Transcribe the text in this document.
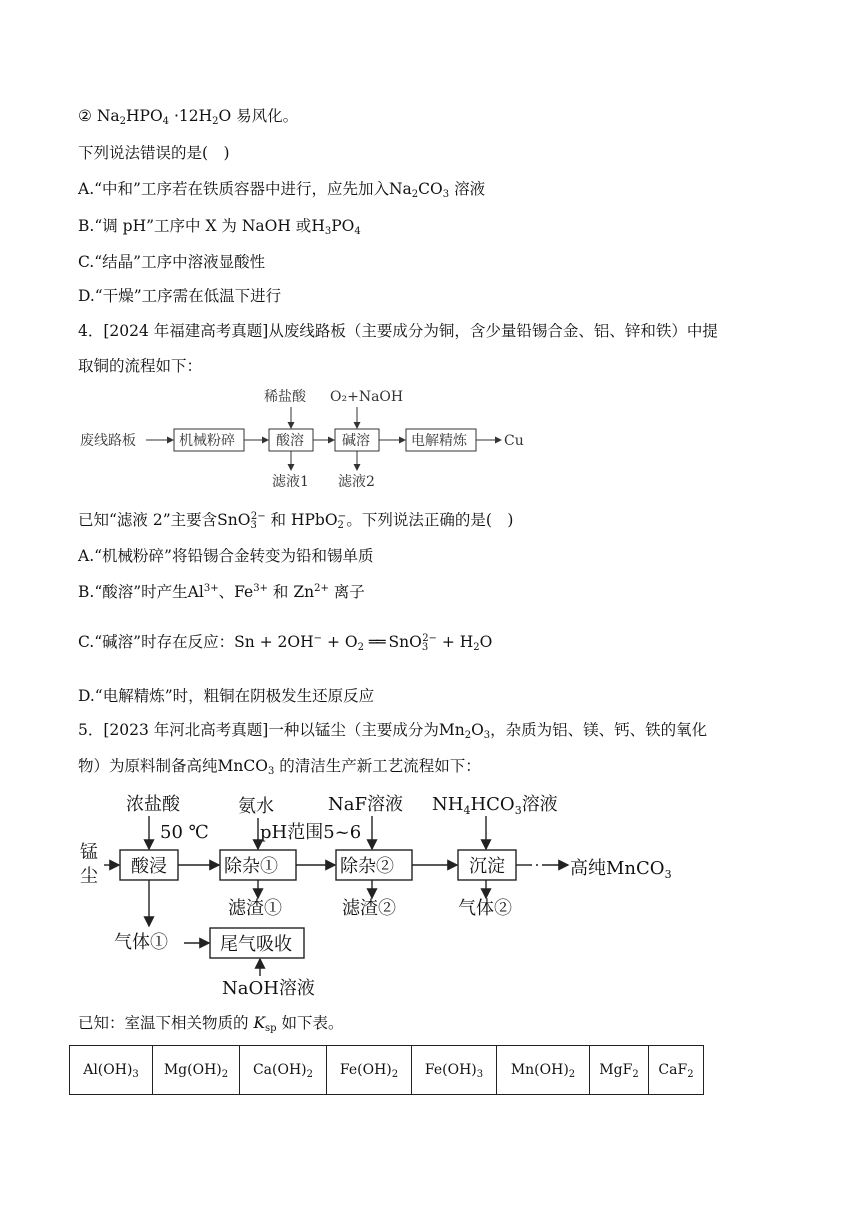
② $Na_2HPO_4 \cdot 12H_2O$ 易风化。
下列说法错误的是(　)
A.“中和”工序若在铁质容器中进行，应先加入$Na_2CO_3$ 溶液
B.“调 pH”工序中 X 为 NaOH 或$H_3PO_4$
C.“结晶”工序中溶液显酸性
D.“干燥”工序需在低温下进行
4．[2024 年福建高考真题]从废线路板（主要成分为铜，含少量铅锡合金、铝、锌和铁）中提
取铜的流程如下：
废线路板
稀盐酸 O₂+NaOH
滤液1 滤液2
Cu
机械粉碎	酸溶	碱溶	电解精炼
已知“滤液 2”主要含SnO$_3^{2-}$ 和 HPbO$_2$−。下列说法正确的是(　)
A.“机械粉碎”将铅锡合金转变为铅和锡单质
B.“酸溶”时产生$Al^{3+}$、$Fe^{3+}$ 和 $Zn^{2+}$ 离子
C.“碱溶”时存在反应：$Sn + 2OH^- + O_2$ ══ $SnO_3^{2-} + H_2O$
D.“电解精炼”时，粗铜在阴极发生还原反应
5．[2023 年河北高考真题]一种以锰尘（主要成分为$Mn_2O_3$，杂质为铝、镁、钙、铁的氧化
物）为原料制备高纯MnCO$_3$ 的清洁生产新工艺流程如下：
浓盐酸
50 ℃
氨水
pH范围5~6
NaF溶液 $NH_4HCO_3$溶液
锰
尘	高纯MnCO$_3$
气体①
滤渣①	滤渣②	气体②
NaOH溶液
酸浸	除杂①	除杂②	沉淀
尾气吸收
已知：室温下相关物质的 $K_{sp}$ 如下表。
$Al(OH)_3$	$Mg(OH)_2$	$Ca(OH)_2$	$Fe(OH)_2$	$Fe(OH)_3$	$Mn(OH)_2$	MgF$_2$	CaF$_2$
